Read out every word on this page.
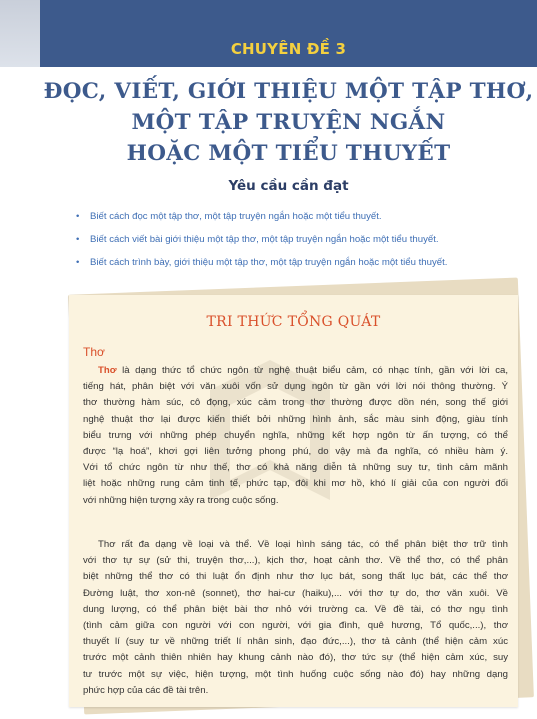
CHUYÊN ĐỀ 3
ĐỌC, VIẾT, GIỚI THIỆU MỘT TẬP THƠ,
MỘT TẬP TRUYỆN NGẮN
HOẶC MỘT TIỂU THUYẾT
Yêu cầu cần đạt
• Biết cách đọc một tập thơ, một tập truyện ngắn hoặc một tiểu thuyết.
• Biết cách viết bài giới thiệu một tập thơ, một tập truyện ngắn hoặc một tiểu thuyết.
• Biết cách trình bày, giới thiệu một tập thơ, một tập truyện ngắn hoặc một tiểu thuyết.
TRI THỨC TỔNG QUÁT
Thơ
Thơ là dạng thức tổ chức ngôn từ nghệ thuật biểu cảm, có nhạc tính, gần với lời ca,
tiếng hát, phân biệt với văn xuôi vốn sử dụng ngôn từ gần với lời nói thông thường. Ý
thơ thường hàm súc, cô đọng, xúc cảm trong thơ thường được dồn nén, song thế giới
nghệ thuật thơ lại được kiến thiết bởi những hình ảnh, sắc màu sinh động, giàu tính
biểu trưng với những phép chuyển nghĩa, những kết hợp ngôn từ ấn tượng, có thể
được “lạ hoá”, khơi gợi liên tưởng phong phú, do vậy mà đa nghĩa, có nhiều hàm ý.
Với tổ chức ngôn từ như thế, thơ có khả năng diễn tả những suy tư, tình cảm mãnh
liệt hoặc những rung cảm tinh tế, phức tạp, đôi khi mơ hồ, khó lí giải của con người đối
với những hiện tượng xảy ra trong cuộc sống.
Thơ rất đa dạng về loại và thể. Về loại hình sáng tác, có thể phân biệt thơ trữ tình
với thơ tự sự (sử thi, truyện thơ,...), kịch thơ, hoạt cảnh thơ. Về thể thơ, có thể phân
biệt những thể thơ có thi luật ổn định như thơ lục bát, song thất lục bát, các thể thơ
Đường luật, thơ xon-nê (sonnet), thơ hai-cư (haiku),... với thơ tự do, thơ văn xuôi. Về
dung lượng, có thể phân biệt bài thơ nhỏ với trường ca. Về đề tài, có thơ ngụ tình
(tình cảm giữa con người với con người, với gia đình, quê hương, Tổ quốc,...), thơ
thuyết lí (suy tư về những triết lí nhân sinh, đạo đức,...), thơ tả cảnh (thể hiện cảm xúc
trước một cảnh thiên nhiên hay khung cảnh nào đó), thơ tức sự (thể hiện cảm xúc, suy
tư trước một sự việc, hiện tượng, một tình huống cuộc sống nào đó) hay những dạng
phức hợp của các đề tài trên.
